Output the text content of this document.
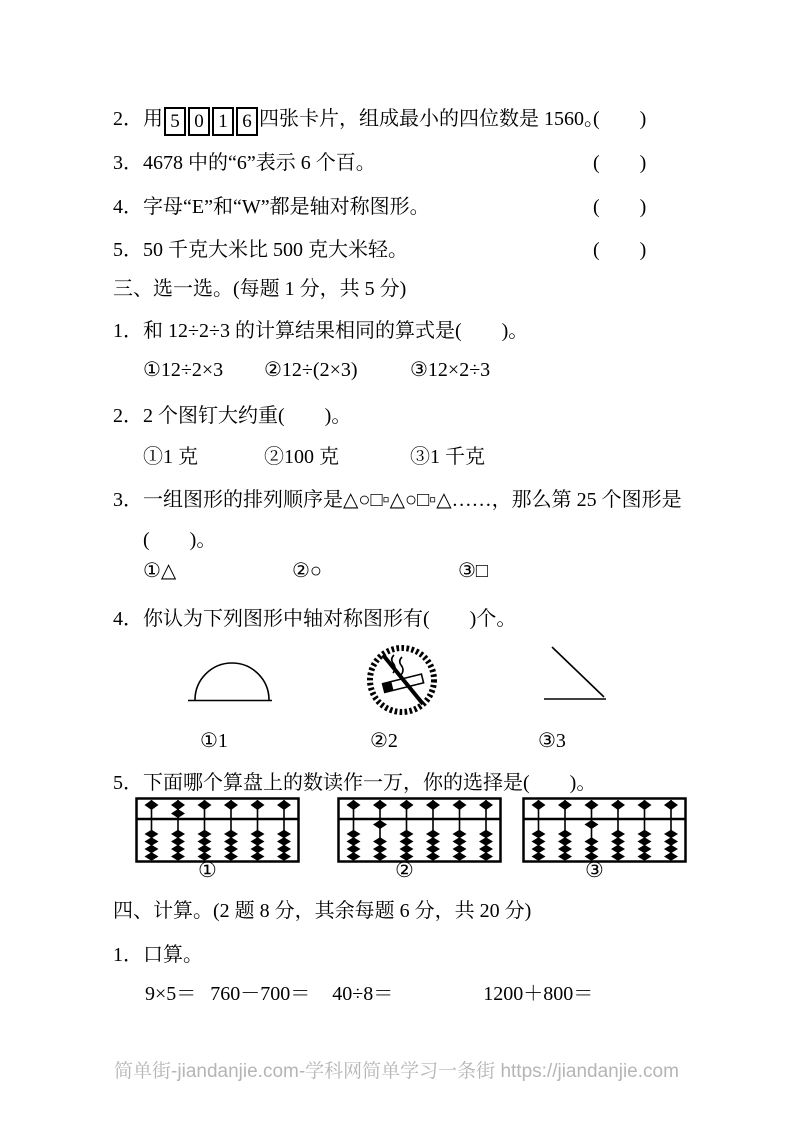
2．用 5 0 1 6 四张卡片，组成最小的四位数是 1560。
(　　)
3．4678 中的“6”表示 6 个百。	(　　)
4．字母“E”和“W”都是轴对称图形。	(　　)
5．50 千克大米比 500 克大米轻。	(　　)
三、选一选。(每题 1 分，共 5 分)
1．和 12÷2÷3 的计算结果相同的算式是(　　)。
①12÷2×3 ②12÷(2×3)	③12×2÷3
2．2 个图钉大约重(　　)。
①1 克	②100 克	③1 千克
3．一组图形的排列顺序是△○□▫△○□▫△……，那么第 25 个图形是
(　　)。
①△	②○	③□
4．你认为下列图形中轴对称图形有(　　)个。
①1	②2	③3
5．下面哪个算盘上的数读作一万，你的选择是(　　)。
①	②	③
四、计算。(2 题 8 分，其余每题 6 分，共 20 分)
1．口算。
9×5＝ 760－700＝ 40÷8＝	1200＋800＝
简单街-jiandanjie.com-学科网简单学习一条街 https://jiandanjie.com
